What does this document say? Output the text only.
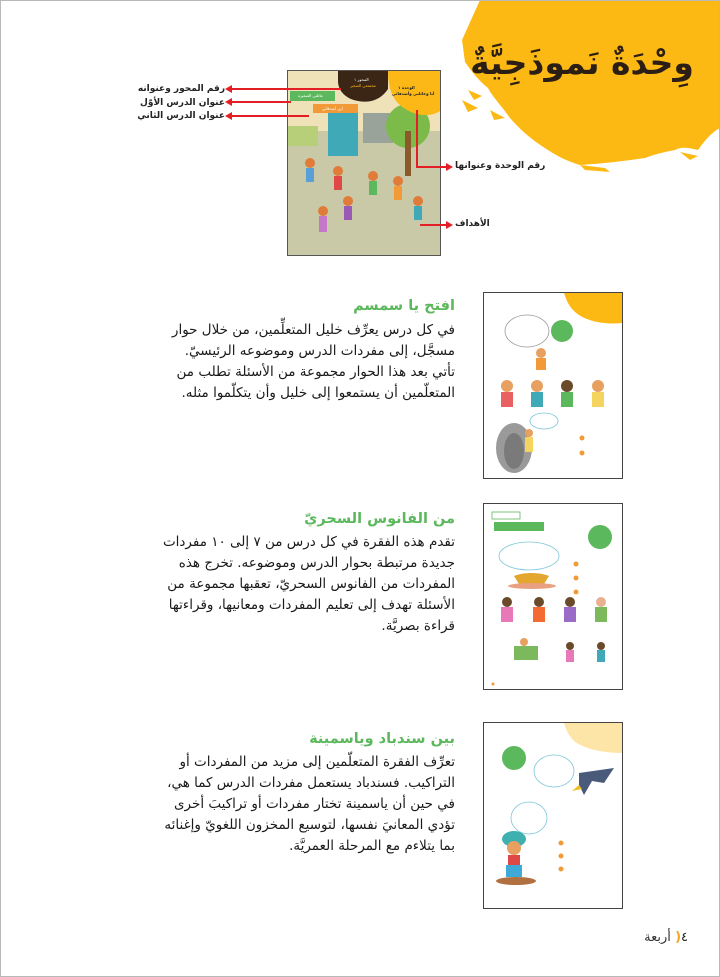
وِحْدَةٌ نَموذَجِيَّةٌ
الوحدة ١
أنا وعائلتي وأصدقائي
المحور ١
مجتمعي الصغير
عائلتي الصغيرة
أين أصدقائي
رقم المحور وعنوانه
عنوان الدرس الأوّل
عنوان الدرس الثاني
رقم الوحدة وعنوانها
الأهداف
افتح يا سمسم
في كل درس يعرِّف خليل المتعلِّمين، من خلال حوار
مسجَّل، إلى مفردات الدرس وموضوعه الرئيسيّ.
تأتي بعد هذا الحوار مجموعة من الأسئلة تطلب من
المتعلّمين أن يستمعوا إلى خليل وأن يتكلّموا مثله.
من الفانوس السحريّ
تقدم هذه الفقرة في كل درس من ٧ إلى ١٠ مفردات
جديدة مرتبطة بحوار الدرس وموضوعه. تخرج هذه
المفردات من الفانوس السحريّ، تعقبها مجموعة من
الأسئلة تهدف إلى تعليم المفردات ومعانيها، وقراءتها
قراءة بصريَّة.
بين سندباد وياسمينة
تعرِّف الفقرة المتعلّمين إلى مزيد من المفردات أو
التراكيب. فسندباد يستعمل مفردات الدرس كما هي،
في حين أن ياسمينة تختار مفردات أو تراكيبَ أخرى
تؤدي المعانيَ نفسها، لتوسيع المخزون اللغويّ وإغنائه
بما يتلاءم مع المرحلة العمريَّة.
٤( أربعة
